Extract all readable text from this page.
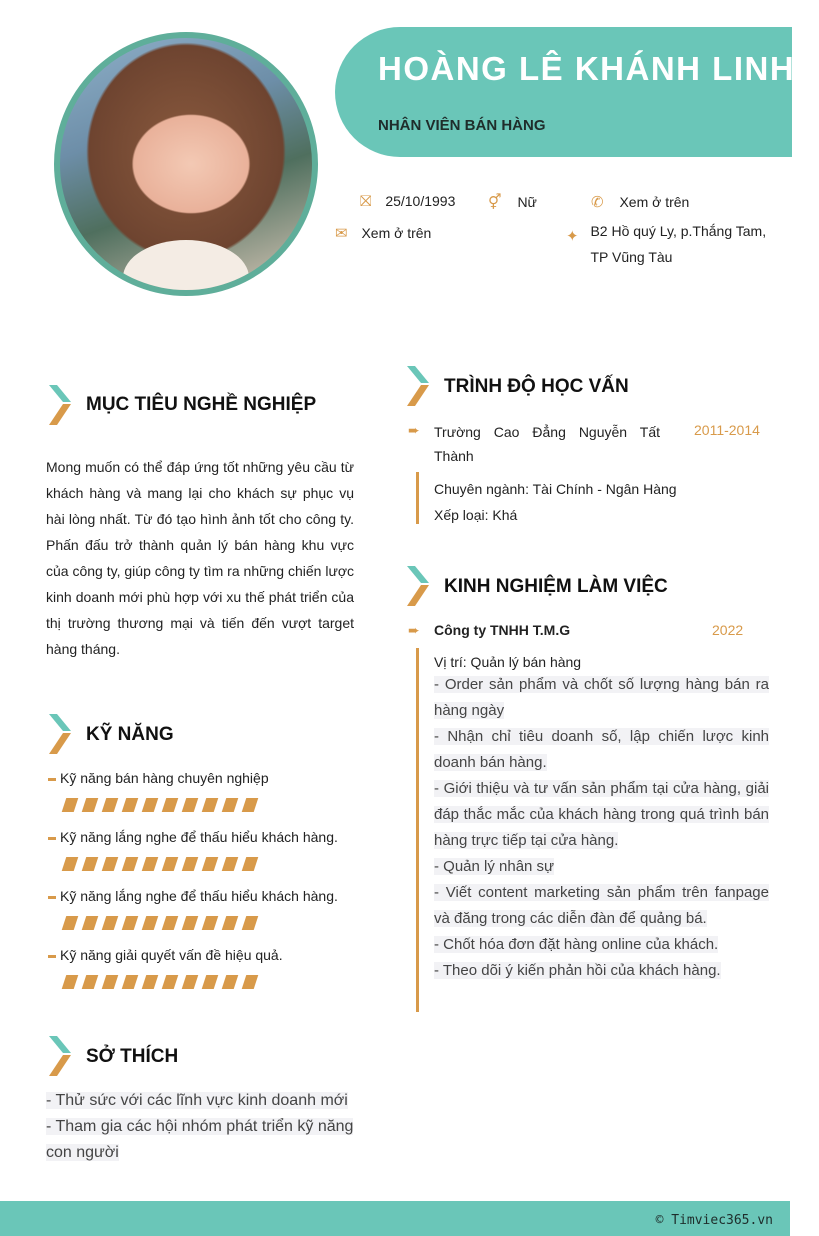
HOÀNG LÊ KHÁNH LINH
NHÂN VIÊN BÁN HÀNG
⛝ 25/10/1993 ⚥ Nữ	✆ Xem ở trên
✉ Xem ở trên	✦ B2 Hồ quý Ly, p.Thắng Tam,
TP Vũng Tàu
MỤC TIÊU NGHỀ NGHIỆP
Mong muốn có thể đáp ứng tốt những yêu cầu từ khách hàng và mang lại cho khách sự phục vụ hài lòng nhất. Từ đó tạo hình ảnh tốt cho công ty. Phấn đấu trở thành quản lý bán hàng khu vực của công ty, giúp công ty tìm ra những chiến lược kinh doanh mới phù hợp với xu thế phát triển của thị trường thương mại và tiến đến vượt target hàng tháng.
KỸ NĂNG
Kỹ năng bán hàng chuyên nghiệp
Kỹ năng lắng nghe để thấu hiểu khách hàng.
Kỹ năng lắng nghe để thấu hiểu khách hàng.
Kỹ năng giải quyết vấn đề hiệu quả.
SỞ THÍCH
- Thử sức với các lĩnh vực kinh doanh mới
- Tham gia các hội nhóm phát triển kỹ năng
con người
TRÌNH ĐỘ HỌC VẤN
➨ Trường Cao Đẳng Nguyễn Tất Thành
2011-2014
Chuyên ngành: Tài Chính - Ngân Hàng
Xếp loại: Khá
KINH NGHIỆM LÀM VIỆC
➨ Công ty TNHH T.M.G	2022
Vị trí: Quản lý bán hàng
- Order sản phẩm và chốt số lượng hàng bán ra hàng ngày
- Nhận chỉ tiêu doanh số, lập chiến lược kinh doanh bán hàng.
- Giới thiệu và tư vấn sản phẩm tại cửa hàng, giải đáp thắc mắc của khách hàng trong quá trình bán hàng trực tiếp tại cửa hàng.
- Quản lý nhân sự
- Viết content marketing sản phẩm trên fanpage và đăng trong các diễn đàn để quảng bá.
- Chốt hóa đơn đặt hàng online của khách.
- Theo dõi ý kiến phản hồi của khách hàng.
© Timviec365.vn
